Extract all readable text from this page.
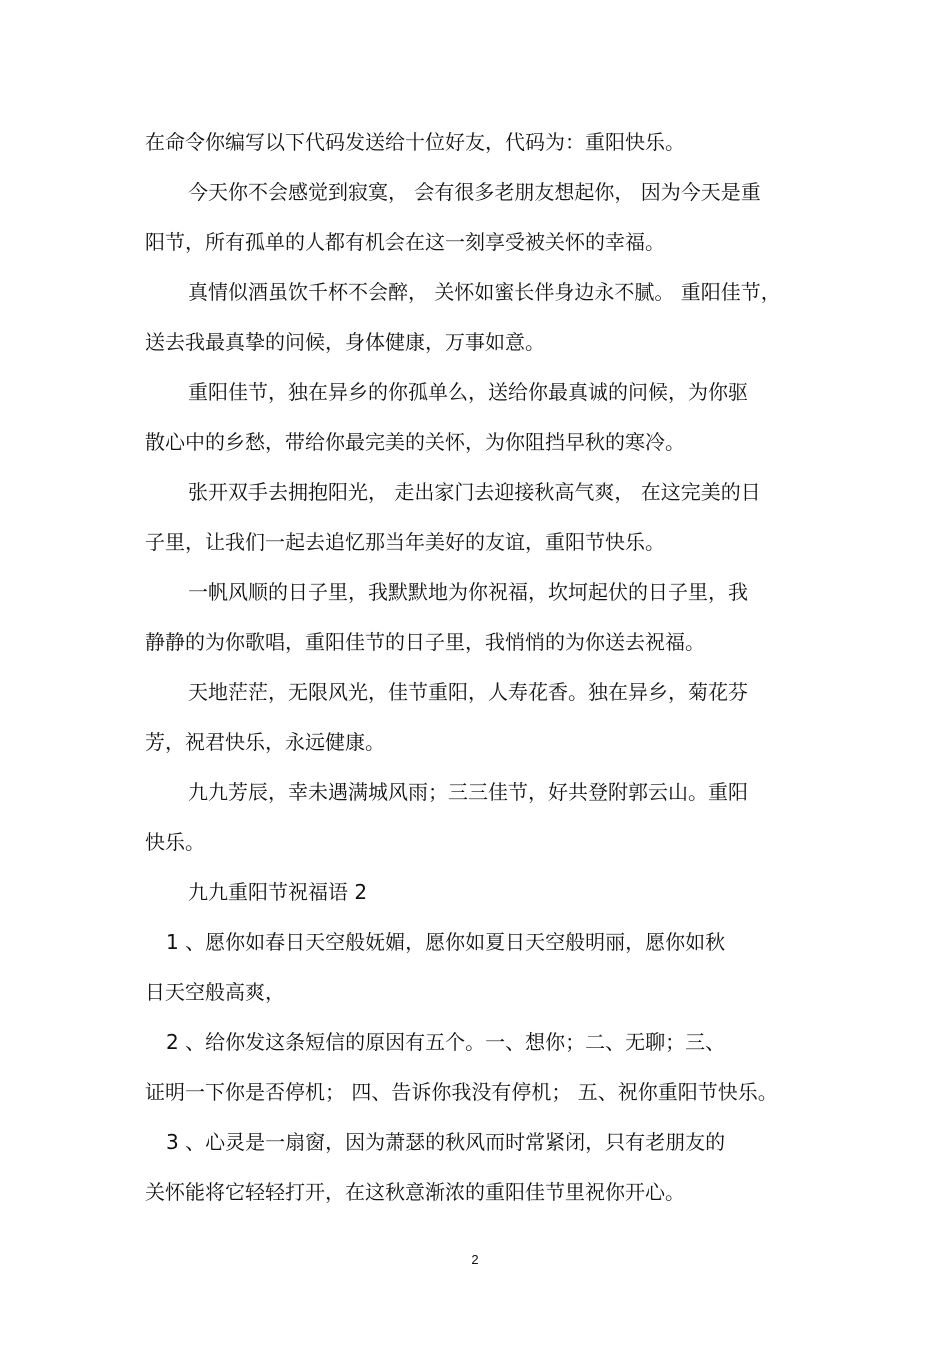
在命令你编写以下代码发送给十位好友，代码为：重阳快乐。
今天你不会感觉到寂寞， 会有很多老朋友想起你， 因为今天是重
阳节，所有孤单的人都有机会在这一刻享受被关怀的幸福。
真情似酒虽饮千杯不会醉， 关怀如蜜长伴身边永不腻。 重阳佳节，
送去我最真挚的问候，身体健康，万事如意。
重阳佳节，独在异乡的你孤单么，送给你最真诚的问候，为你驱
散心中的乡愁，带给你最完美的关怀，为你阻挡早秋的寒冷。
张开双手去拥抱阳光， 走出家门去迎接秋高气爽， 在这完美的日
子里，让我们一起去追忆那当年美好的友谊，重阳节快乐。
一帆风顺的日子里，我默默地为你祝福，坎坷起伏的日子里，我
静静的为你歌唱，重阳佳节的日子里，我悄悄的为你送去祝福。
天地茫茫，无限风光，佳节重阳，人寿花香。独在异乡，菊花芬
芳，祝君快乐，永远健康。
九九芳辰，幸未遇满城风雨；三三佳节，好共登附郭云山。重阳
快乐。
九九重阳节祝福语 2
1 、愿你如春日天空般妩媚，愿你如夏日天空般明丽，愿你如秋
日天空般高爽，
2 、给你发这条短信的原因有五个。一、想你；二、无聊；三、
证明一下你是否停机； 四、告诉你我没有停机； 五、祝你重阳节快乐。
3 、心灵是一扇窗，因为萧瑟的秋风而时常紧闭，只有老朋友的
关怀能将它轻轻打开，在这秋意渐浓的重阳佳节里祝你开心。
2
